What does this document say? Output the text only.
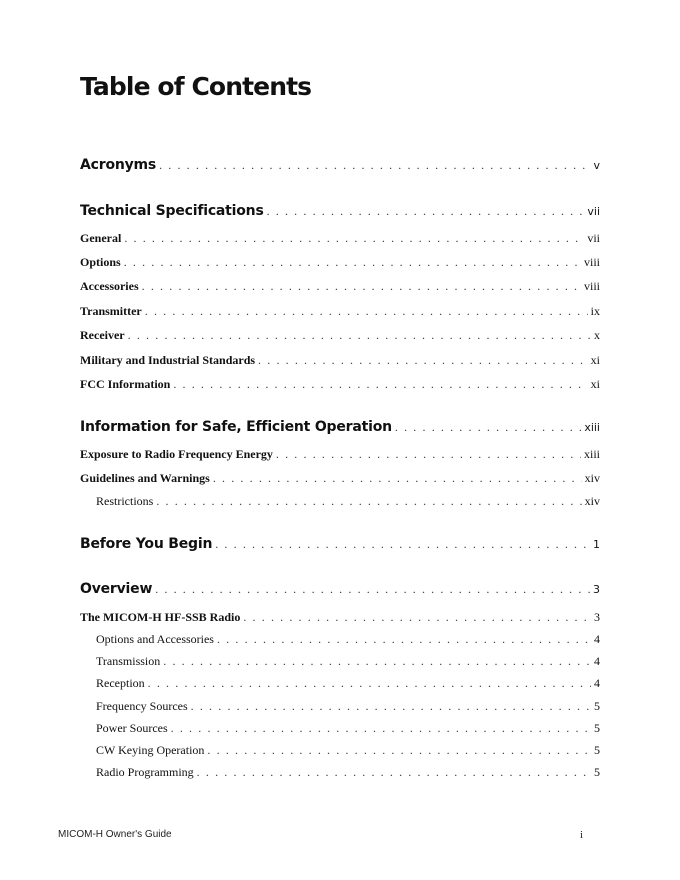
Table of Contents
Acronyms . . .	v
Technical Specifications . . .	vii
General . . .	vii
Options . . .	viii
Accessories . . .	viii
Transmitter . . .	ix
Receiver . . .	x
Military and Industrial Standards . . .	xi
FCC Information . . .	xi
Information for Safe, Efficient Operation . . .	xiii
Exposure to Radio Frequency Energy . . .	xiii
Guidelines and Warnings . . .	xiv
Restrictions . . .	xiv
Before You Begin . . .	1
Overview . . .	3
The MICOM-H HF-SSB Radio . . .	3
Options and Accessories . . .	4
Transmission . . .	4
Reception . . .	4
Frequency Sources . . .	5
Power Sources . . .	5
CW Keying Operation . . .	5
Radio Programming . . .	5
MICOM-H Owner's Guide	i
